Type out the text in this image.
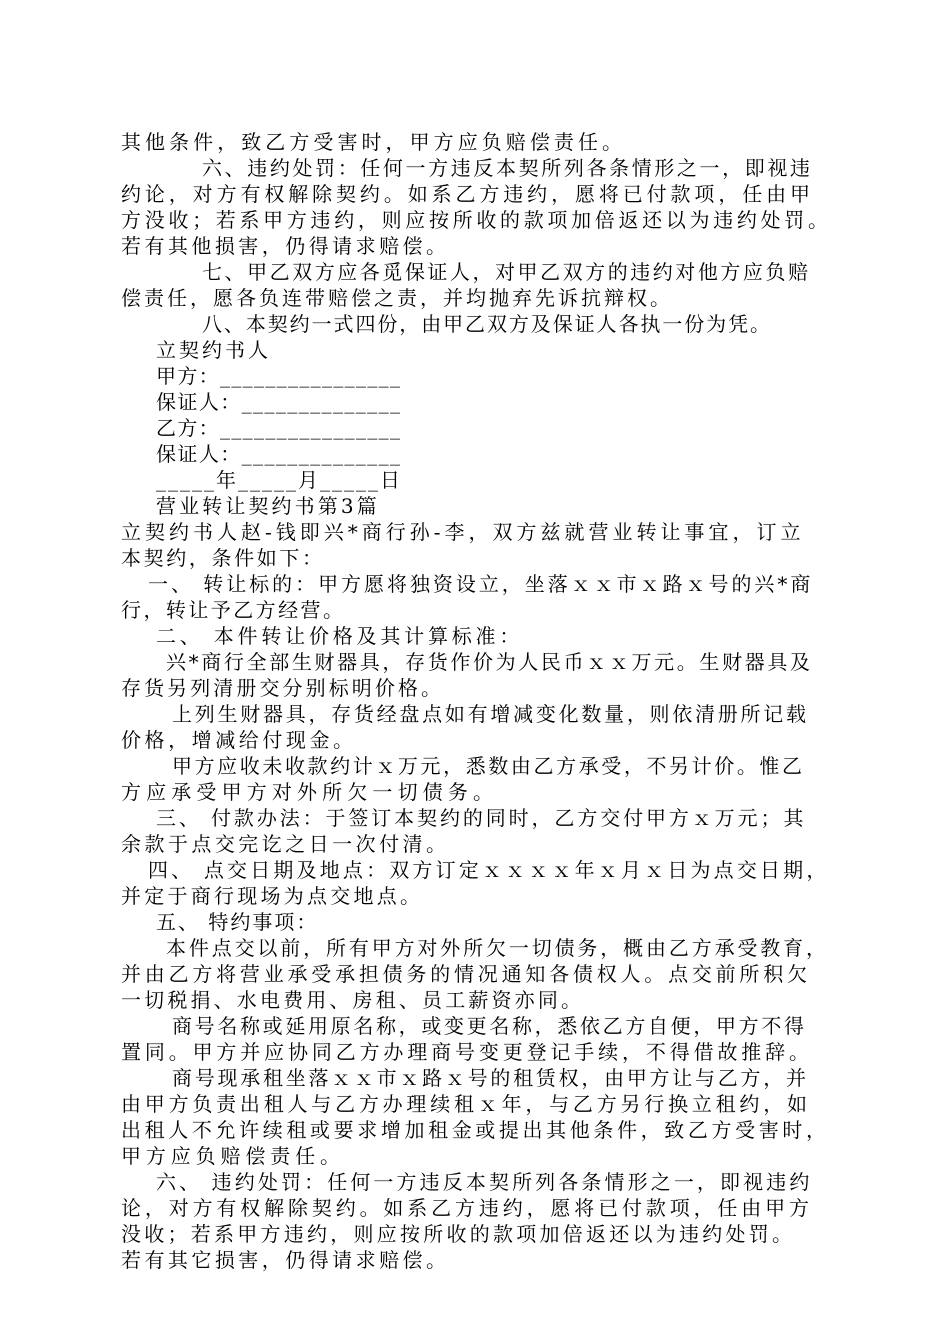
其他条件，致乙方受害时，甲方应负赔偿责任。
六、违约处罚：任何一方违反本契所列各条情形之一，即视违
约论，对方有权解除契约。如系乙方违约，愿将已付款项，任由甲
方没收；若系甲方违约，则应按所收的款项加倍返还以为违约处罚。
若有其他损害，仍得请求赔偿。
七、甲乙双方应各觅保证人，对甲乙双方的违约对他方应负赔
偿责任，愿各负连带赔偿之责，并均抛弃先诉抗辩权。
八、本契约一式四份，由甲乙双方及保证人各执一份为凭。
立契约书人
甲方：________________
保证人：______________
乙方：________________
保证人：______________
_____年_____月_____日
营业转让契约书第3篇
立契约书人赵-钱即兴*商行孙-李，双方兹就营业转让事宜，订立
本契约，条件如下：
一、 转让标的：甲方愿将独资设立，坐落ｘｘ市ｘ路ｘ号的兴*商
行，转让予乙方经营。
二、 本件转让价格及其计算标准：
兴*商行全部生财器具，存货作价为人民币ｘｘ万元。生财器具及
存货另列清册交分别标明价格。
上列生财器具，存货经盘点如有增减变化数量，则依清册所记载
价格，增减给付现金。
甲方应收未收款约计ｘ万元，悉数由乙方承受，不另计价。惟乙
方应承受甲方对外所欠一切债务。
三、 付款办法：于签订本契约的同时，乙方交付甲方ｘ万元；其
余款于点交完讫之日一次付清。
四、 点交日期及地点：双方订定ｘｘｘｘ年ｘ月ｘ日为点交日期，
并定于商行现场为点交地点。
五、 特约事项：
本件点交以前，所有甲方对外所欠一切债务，概由乙方承受教育，
并由乙方将营业承受承担债务的情况通知各债权人。点交前所积欠
一切税捐、水电费用、房租、员工薪资亦同。
商号名称或延用原名称，或变更名称，悉依乙方自便，甲方不得
置同。甲方并应协同乙方办理商号变更登记手续，不得借故推辞。
商号现承租坐落ｘｘ市ｘ路ｘ号的租赁权，由甲方让与乙方，并
由甲方负责出租人与乙方办理续租ｘ年，与乙方另行换立租约，如
出租人不允许续租或要求增加租金或提出其他条件，致乙方受害时，
甲方应负赔偿责任。
六、 违约处罚：任何一方违反本契所列各条情形之一，即视违约
论，对方有权解除契约。如系乙方违约，愿将已付款项，任由甲方
没收；若系甲方违约，则应按所收的款项加倍返还以为违约处罚。
若有其它损害，仍得请求赔偿。
